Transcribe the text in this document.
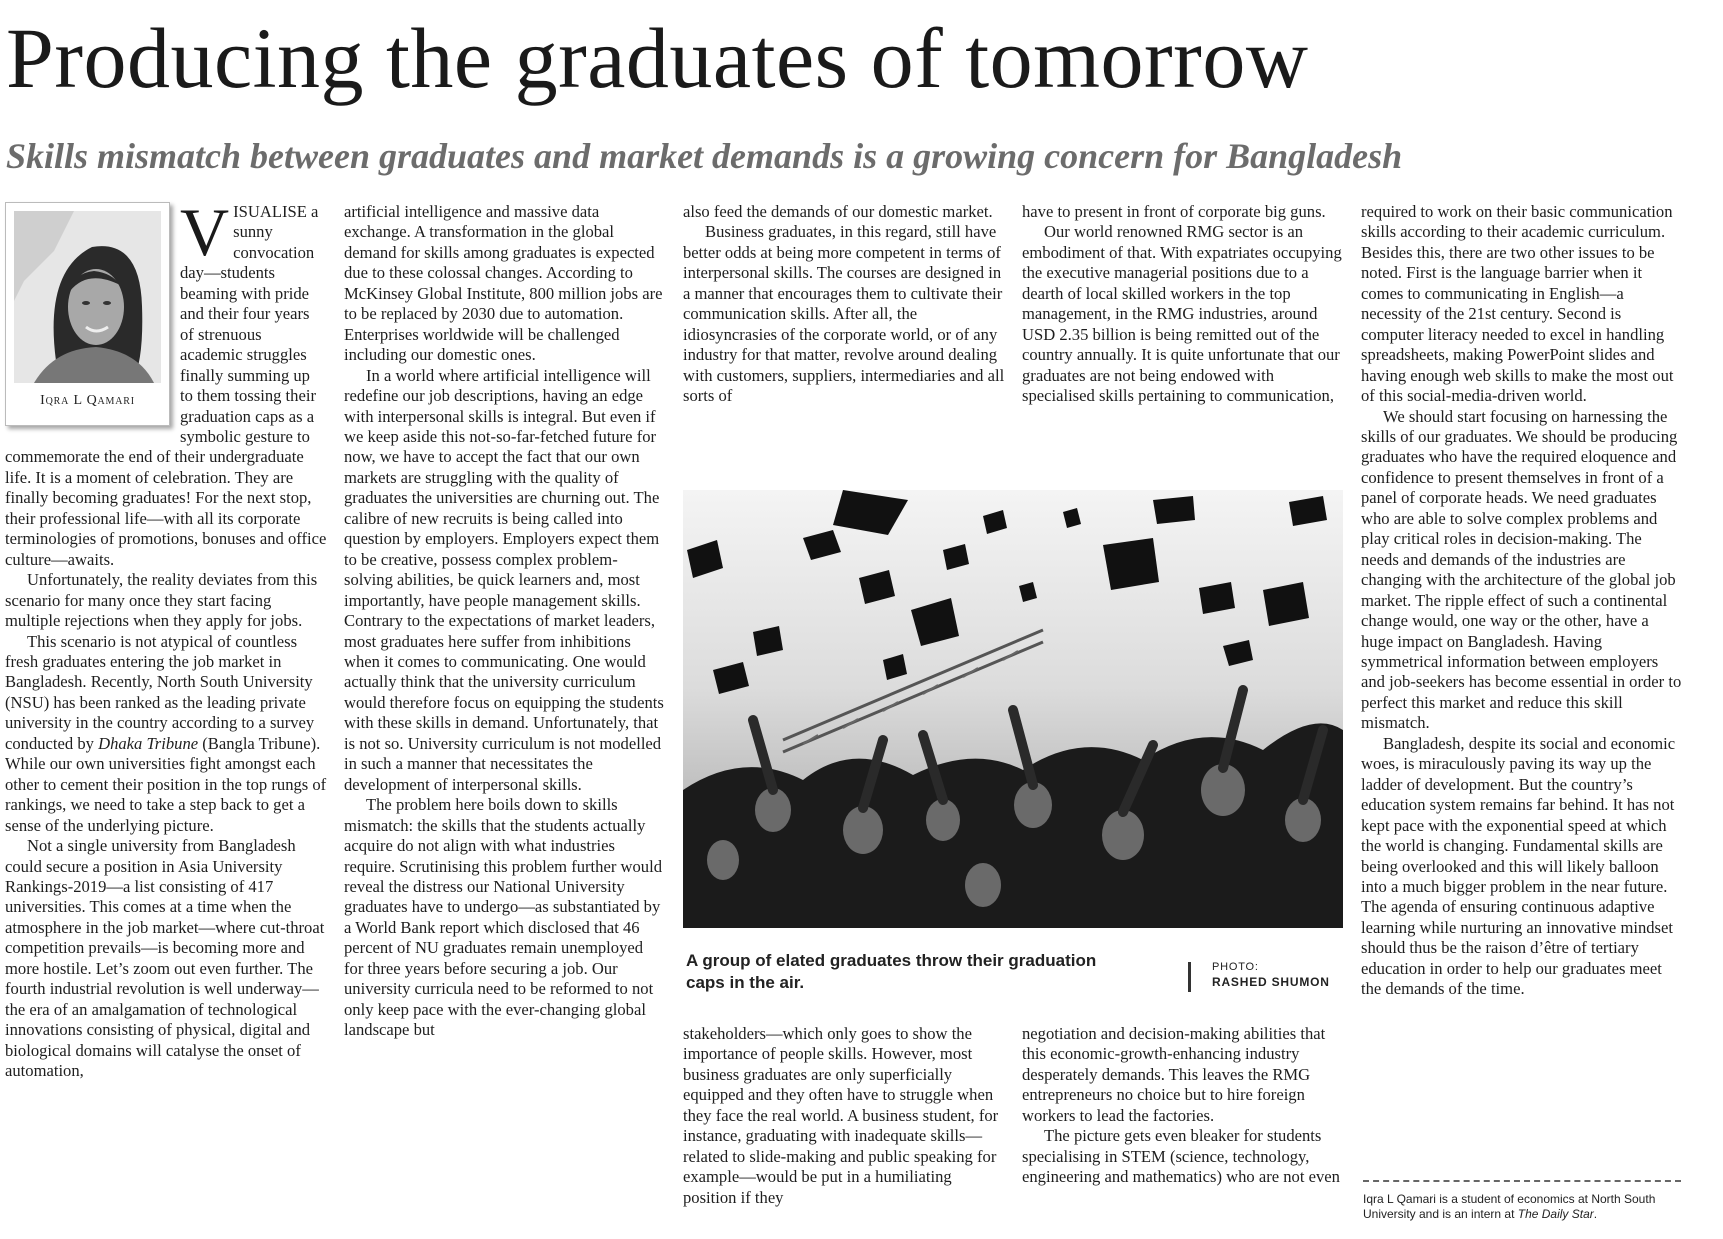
Producing the graduates of tomorrow
Skills mismatch between graduates and market demands is a growing concern for Bangladesh
Iqra L Qamari
V ISUALISE a sunny convocation day—students beaming with pride and their four years of strenuous academic struggles finally summing up to them tossing their graduation caps as a symbolic gesture to commemorate the end of their undergraduate life. It is a moment of celebration. They are finally becoming graduates! For the next stop, their professional life—with all its corporate terminologies of promotions, bonuses and office culture—awaits.

Unfortunately, the reality deviates from this scenario for many once they start facing multiple rejections when they apply for jobs.

This scenario is not atypical of countless fresh graduates entering the job market in Bangladesh. Recently, North South University (NSU) has been ranked as the leading private university in the country according to a survey conducted by Dhaka Tribune (Bangla Tribune). While our own universities fight amongst each other to cement their position in the top rungs of rankings, we need to take a step back to get a sense of the underlying picture.

Not a single university from Bangladesh could secure a position in Asia University Rankings-2019—a list consisting of 417 universities. This comes at a time when the atmosphere in the job market—where cut-throat competition prevails—is becoming more and more hostile. Let’s zoom out even further. The fourth industrial revolution is well underway—the era of an amalgamation of technological innovations consisting of physical, digital and biological domains will catalyse the onset of automation,

artificial intelligence and massive data exchange. A transformation in the global demand for skills among graduates is expected due to these colossal changes. According to McKinsey Global Institute, 800 million jobs are to be replaced by 2030 due to automation. Enterprises worldwide will be challenged including our domestic ones.

In a world where artificial intelligence will redefine our job descriptions, having an edge with interpersonal skills is integral. But even if we keep aside this not-so-far-fetched future for now, we have to accept the fact that our own markets are struggling with the quality of graduates the universities are churning out. The calibre of new recruits is being called into question by employers. Employers expect them to be creative, possess complex problem-solving abilities, be quick learners and, most importantly, have people management skills. Contrary to the expectations of market leaders, most graduates here suffer from inhibitions when it comes to communicating. One would actually think that the university curriculum would therefore focus on equipping the students with these skills in demand. Unfortunately, that is not so. University curriculum is not modelled in such a manner that necessitates the development of interpersonal skills.

The problem here boils down to skills mismatch: the skills that the students actually acquire do not align with what industries require. Scrutinising this problem further would reveal the distress our National University graduates have to undergo—as substantiated by a World Bank report which disclosed that 46 percent of NU graduates remain unemployed for three years before securing a job. Our university curricula need to be reformed to not only keep pace with the ever-changing global landscape but

also feed the demands of our domestic market.

Business graduates, in this regard, still have better odds at being more competent in terms of interpersonal skills. The courses are designed in a manner that encourages them to cultivate their communication skills. After all, the idiosyncrasies of the corporate world, or of any industry for that matter, revolve around dealing with customers, suppliers, intermediaries and all sorts of

have to present in front of corporate big guns.

Our world renowned RMG sector is an embodiment of that. With expatriates occupying the executive managerial positions due to a dearth of local skilled workers in the top management, in the RMG industries, around USD 2.35 billion is being remitted out of the country annually. It is quite unfortunate that our graduates are not being endowed with specialised skills pertaining to communication,

A group of elated graduates throw their graduation caps in the air.
PHOTO:
RASHED SHUMON

stakeholders—which only goes to show the importance of people skills. However, most business graduates are only superficially equipped and they often have to struggle when they face the real world. A business student, for instance, graduating with inadequate skills—related to slide-making and public speaking for example—would be put in a humiliating position if they

negotiation and decision-making abilities that this economic-growth-enhancing industry desperately demands. This leaves the RMG entrepreneurs no choice but to hire foreign workers to lead the factories.

The picture gets even bleaker for students specialising in STEM (science, technology, engineering and mathematics) who are not even

required to work on their basic communication skills according to their academic curriculum. Besides this, there are two other issues to be noted. First is the language barrier when it comes to communicating in English—a necessity of the 21st century. Second is computer literacy needed to excel in handling spreadsheets, making PowerPoint slides and having enough web skills to make the most out of this social-media-driven world.

We should start focusing on harnessing the skills of our graduates. We should be producing graduates who have the required eloquence and confidence to present themselves in front of a panel of corporate heads. We need graduates who are able to solve complex problems and play critical roles in decision-making. The needs and demands of the industries are changing with the architecture of the global job market. The ripple effect of such a continental change would, one way or the other, have a huge impact on Bangladesh. Having symmetrical information between employers and job-seekers has become essential in order to perfect this market and reduce this skill mismatch.

Bangladesh, despite its social and economic woes, is miraculously paving its way up the ladder of development. But the country’s education system remains far behind. It has not kept pace with the exponential speed at which the world is changing. Fundamental skills are being overlooked and this will likely balloon into a much bigger problem in the near future. The agenda of ensuring continuous adaptive learning while nurturing an innovative mindset should thus be the raison d’être of tertiary education in order to help our graduates meet the demands of the time.

Iqra L Qamari is a student of economics at North South University and is an intern at The Daily Star.
